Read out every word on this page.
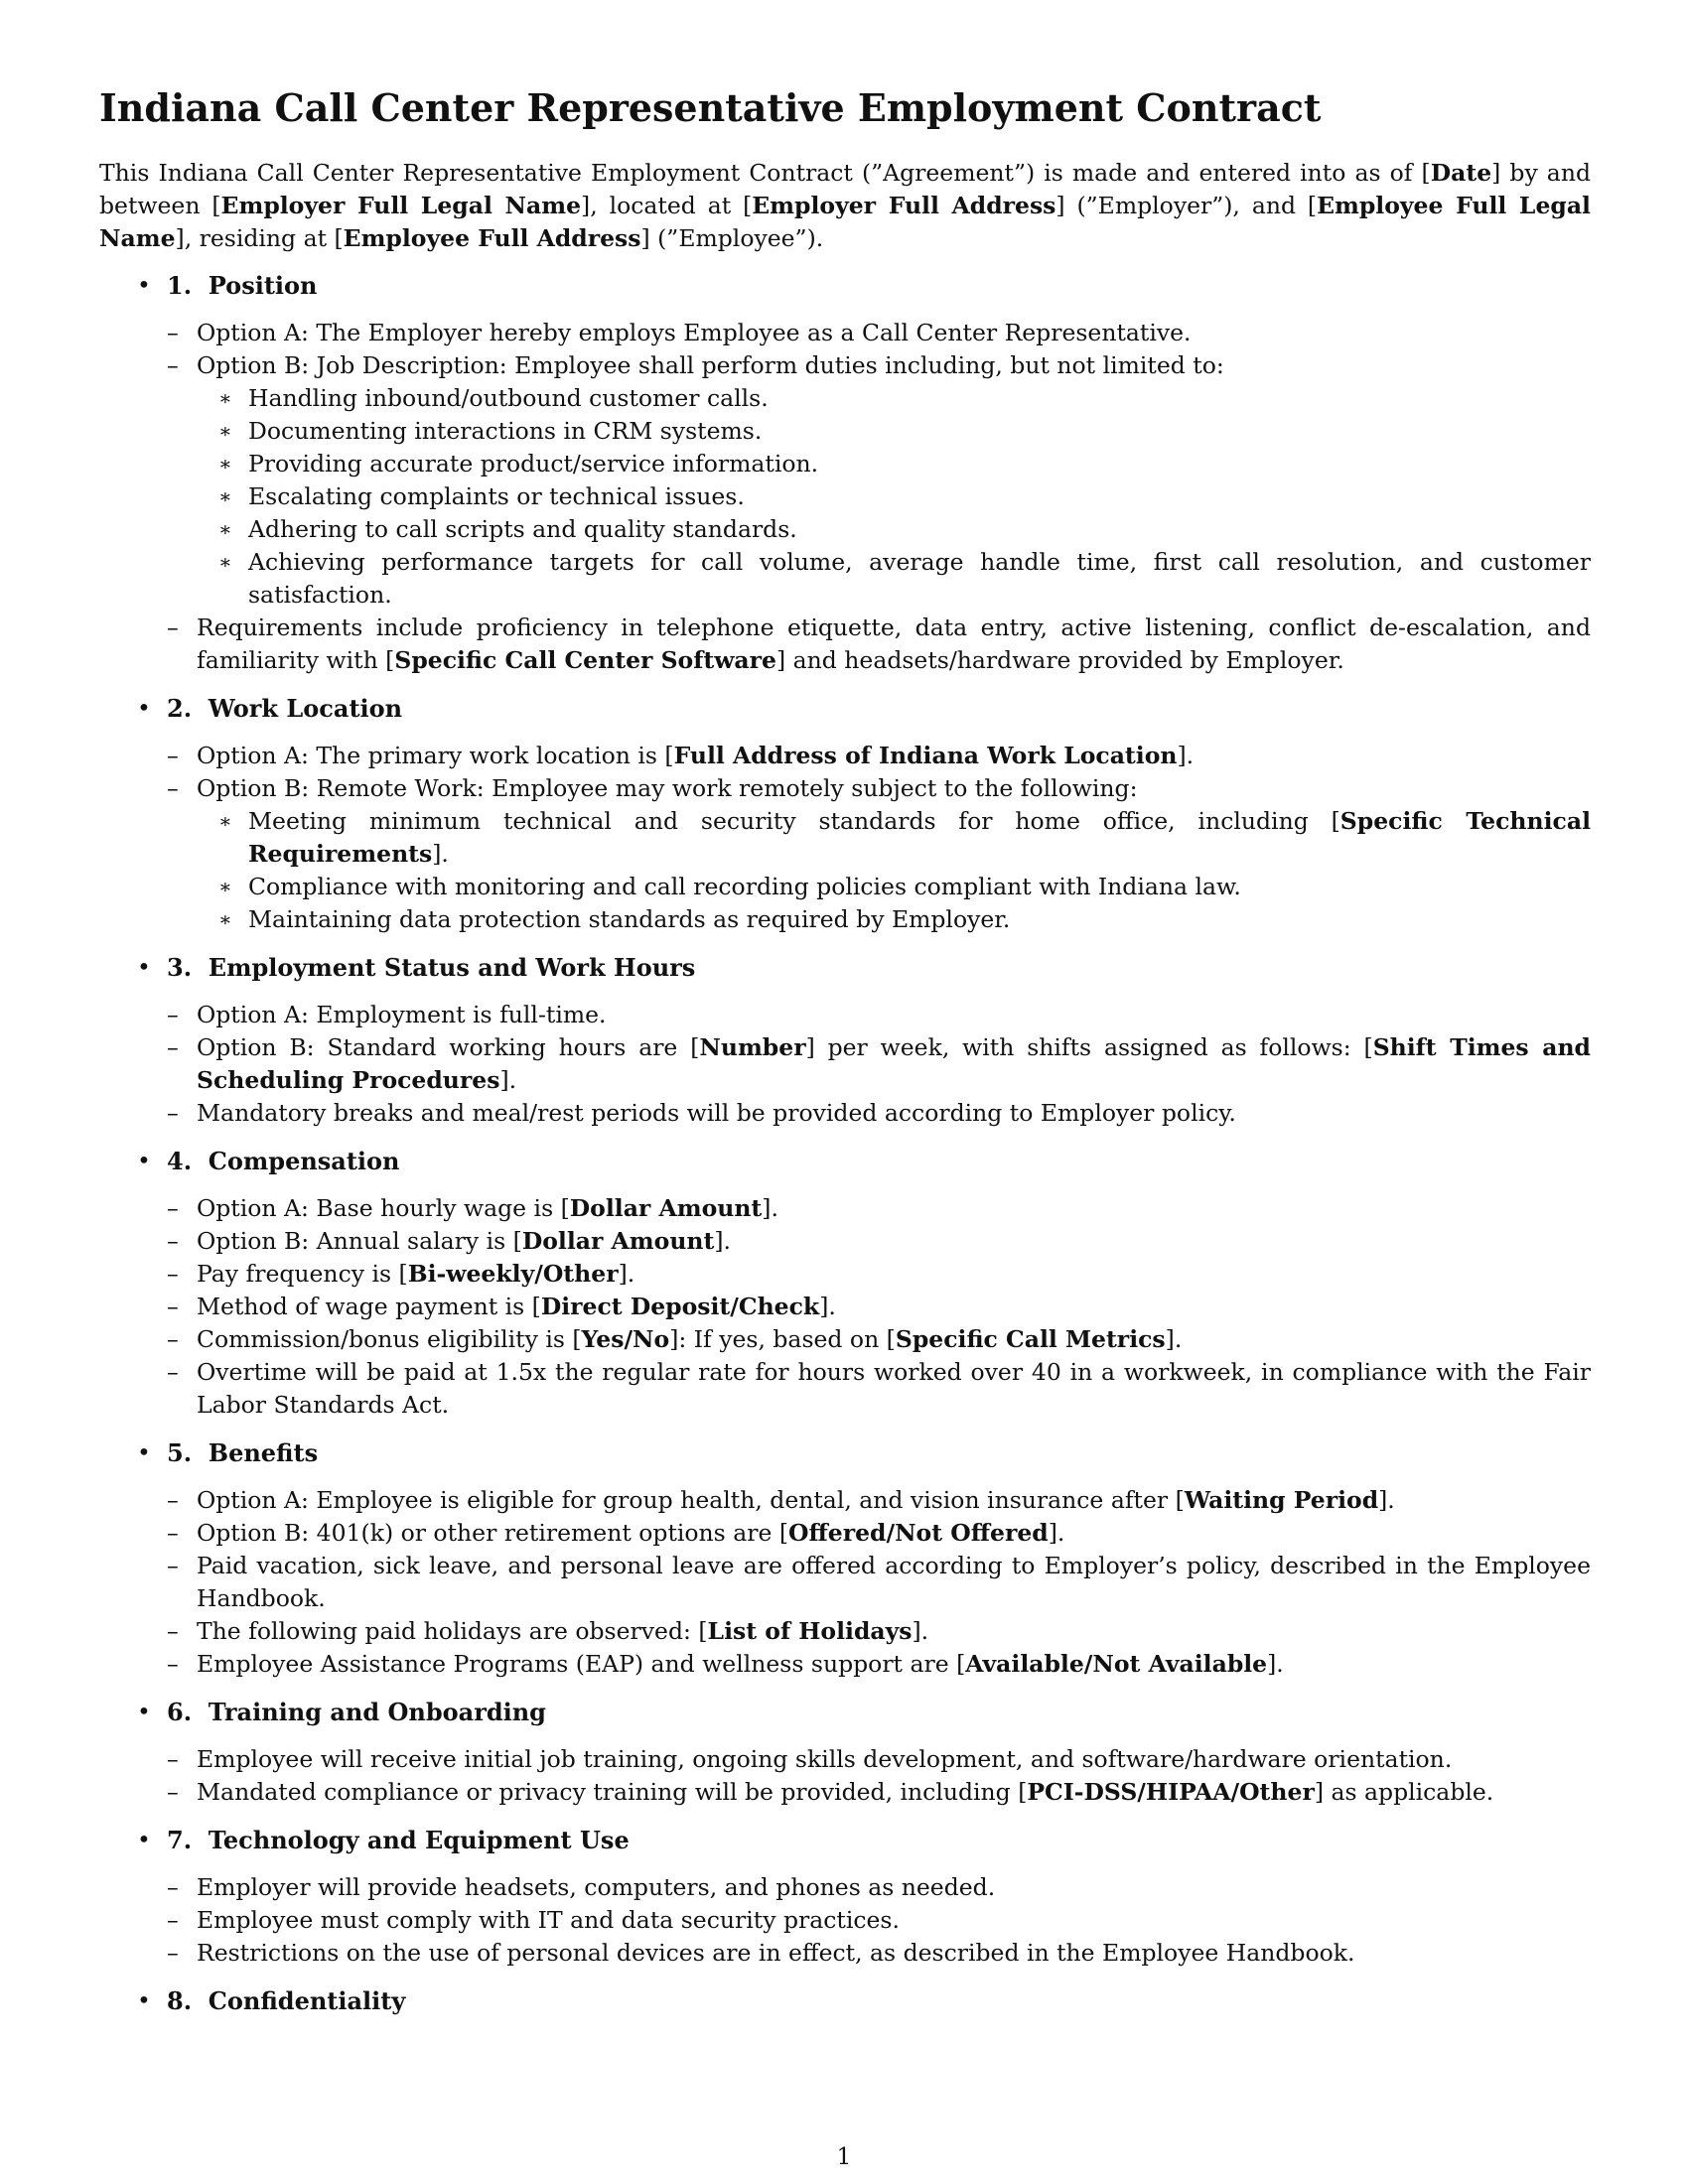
Indiana Call Center Representative Employment Contract

This Indiana Call Center Representative Employment Contract (”Agreement”) is made and entered into as of [Date] by and between [Employer Full Legal Name], located at [Employer Full Address] (”Employer”), and [Employee Full Legal Name], residing at [Employee Full Address] (”Employee”).

• 1. Position
– Option A: The Employer hereby employs Employee as a Call Center Representative.
– Option B: Job Description: Employee shall perform duties including, but not limited to:
∗ Handling inbound/outbound customer calls.
∗ Documenting interactions in CRM systems.
∗ Providing accurate product/service information.
∗ Escalating complaints or technical issues.
∗ Adhering to call scripts and quality standards.
∗ Achieving performance targets for call volume, average handle time, first call resolution, and customer satisfaction.
– Requirements include proficiency in telephone etiquette, data entry, active listening, conflict de-escalation, and familiarity with [Specific Call Center Software] and headsets/hardware provided by Employer.
• 2. Work Location
– Option A: The primary work location is [Full Address of Indiana Work Location].
– Option B: Remote Work: Employee may work remotely subject to the following:
∗ Meeting minimum technical and security standards for home office, including [Specific Technical Requirements].
∗ Compliance with monitoring and call recording policies compliant with Indiana law.
∗ Maintaining data protection standards as required by Employer.
• 3. Employment Status and Work Hours
– Option A: Employment is full-time.
– Option B: Standard working hours are [Number] per week, with shifts assigned as follows: [Shift Times and Scheduling Procedures].
– Mandatory breaks and meal/rest periods will be provided according to Employer policy.
• 4. Compensation
– Option A: Base hourly wage is [Dollar Amount].
– Option B: Annual salary is [Dollar Amount].
– Pay frequency is [Bi-weekly/Other].
– Method of wage payment is [Direct Deposit/Check].
– Commission/bonus eligibility is [Yes/No]: If yes, based on [Specific Call Metrics].
– Overtime will be paid at 1.5x the regular rate for hours worked over 40 in a workweek, in compliance with the Fair Labor Standards Act.
• 5. Benefits
– Option A: Employee is eligible for group health, dental, and vision insurance after [Waiting Period].
– Option B: 401(k) or other retirement options are [Offered/Not Offered].
– Paid vacation, sick leave, and personal leave are offered according to Employer’s policy, described in the Employee Handbook.
– The following paid holidays are observed: [List of Holidays].
– Employee Assistance Programs (EAP) and wellness support are [Available/Not Available].
• 6. Training and Onboarding
– Employee will receive initial job training, ongoing skills development, and software/hardware orientation.
– Mandated compliance or privacy training will be provided, including [PCI-DSS/HIPAA/Other] as applicable.
• 7. Technology and Equipment Use
– Employer will provide headsets, computers, and phones as needed.
– Employee must comply with IT and data security practices.
– Restrictions on the use of personal devices are in effect, as described in the Employee Handbook.
• 8. Confidentiality
1
